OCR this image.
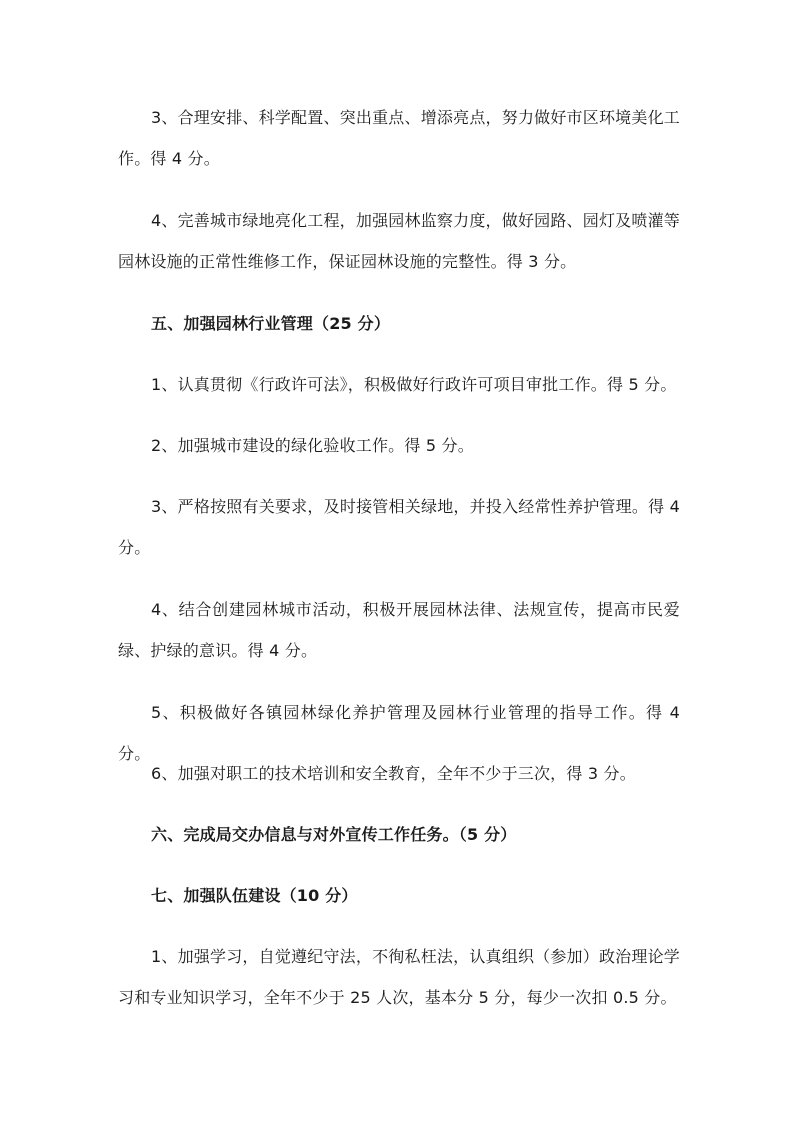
3、合理安排、科学配置、突出重点、增添亮点，努力做好市区环境美化工作。得 4 分。

4、完善城市绿地亮化工程，加强园林监察力度，做好园路、园灯及喷灌等园林设施的正常性维修工作，保证园林设施的完整性。得 3 分。

五、加强园林行业管理（25 分）

1、认真贯彻《行政许可法》，积极做好行政许可项目审批工作。得 5 分。

2、加强城市建设的绿化验收工作。得 5 分。

3、严格按照有关要求，及时接管相关绿地，并投入经常性养护管理。得 4 分。

4、结合创建园林城市活动，积极开展园林法律、法规宣传，提高市民爱绿、护绿的意识。得 4 分。

5、积极做好各镇园林绿化养护管理及园林行业管理的指导工作。得 4 分。

6、加强对职工的技术培训和安全教育，全年不少于三次，得 3 分。

六、完成局交办信息与对外宣传工作任务。（5 分）

七、加强队伍建设（10 分）

1、加强学习，自觉遵纪守法，不徇私枉法，认真组织（参加）政治理论学习和专业知识学习，全年不少于 25 人次，基本分 5 分，每少一次扣 0.5 分。
